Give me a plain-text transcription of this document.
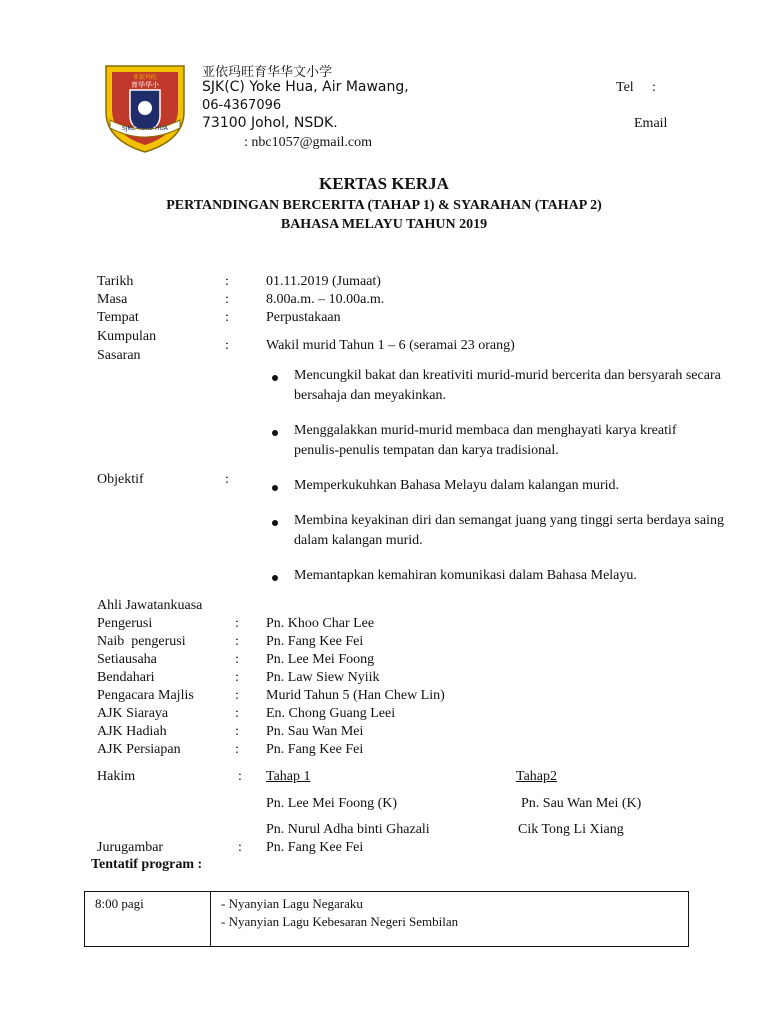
亚依玛旺
育华华小
SJKC YOKE HUA
亚依玛旺育华华文小学
SJK(C) Yoke Hua, Air Mawang,	Tel :
06-4367096
73100 Johol, NSDK.	Email
: nbc1057@gmail.com
KERTAS KERJA
PERTANDINGAN BERCERITA (TAHAP 1) & SYARAHAN (TAHAP 2)
BAHASA MELAYU TAHUN 2019
Tarikh	:	01.11.2019 (Jumaat)
Masa	:	8.00a.m. – 10.00a.m.
Tempat	:	Perpustakaan
Kumpulan
Sasaran
:	Wakil murid Tahun 1 – 6 (seramai 23 orang)
Objektif	:
Mencungkil bakat dan kreativiti murid-murid bercerita dan bersyarah secara bersahaja dan meyakinkan.
Menggalakkan murid-murid membaca dan menghayati karya kreatif penulis-penulis tempatan dan karya tradisional.
Memperkukuhkan Bahasa Melayu dalam kalangan murid.
Membina keyakinan diri dan semangat juang yang tinggi serta berdaya saing dalam kalangan murid.
Memantapkan kemahiran komunikasi dalam Bahasa Melayu.
Ahli Jawatankuasa
Pengerusi	: Pn. Khoo Char Lee
Naib  pengerusi	: Pn. Fang Kee Fei
Setiausaha	: Pn. Lee Mei Foong
Bendahari	: Pn. Law Siew Nyiik
Pengacara Majlis	: Murid Tahun 5 (Han Chew Lin)
AJK Siaraya	: En. Chong Guang Leei
AJK Hadiah	: Pn. Sau Wan Mei
AJK Persiapan	: Pn. Fang Kee Fei
Hakim	: Tahap 1	Tahap2
Pn. Lee Mei Foong (K)	Pn. Sau Wan Mei (K)
Pn. Nurul Adha binti Ghazali	Cik Tong Li Xiang
Jurugambar	: Pn. Fang Kee Fei
Tentatif program :
8:00 pagi	- Nyanyian Lagu Negaraku
- Nyanyian Lagu Kebesaran Negeri Sembilan
